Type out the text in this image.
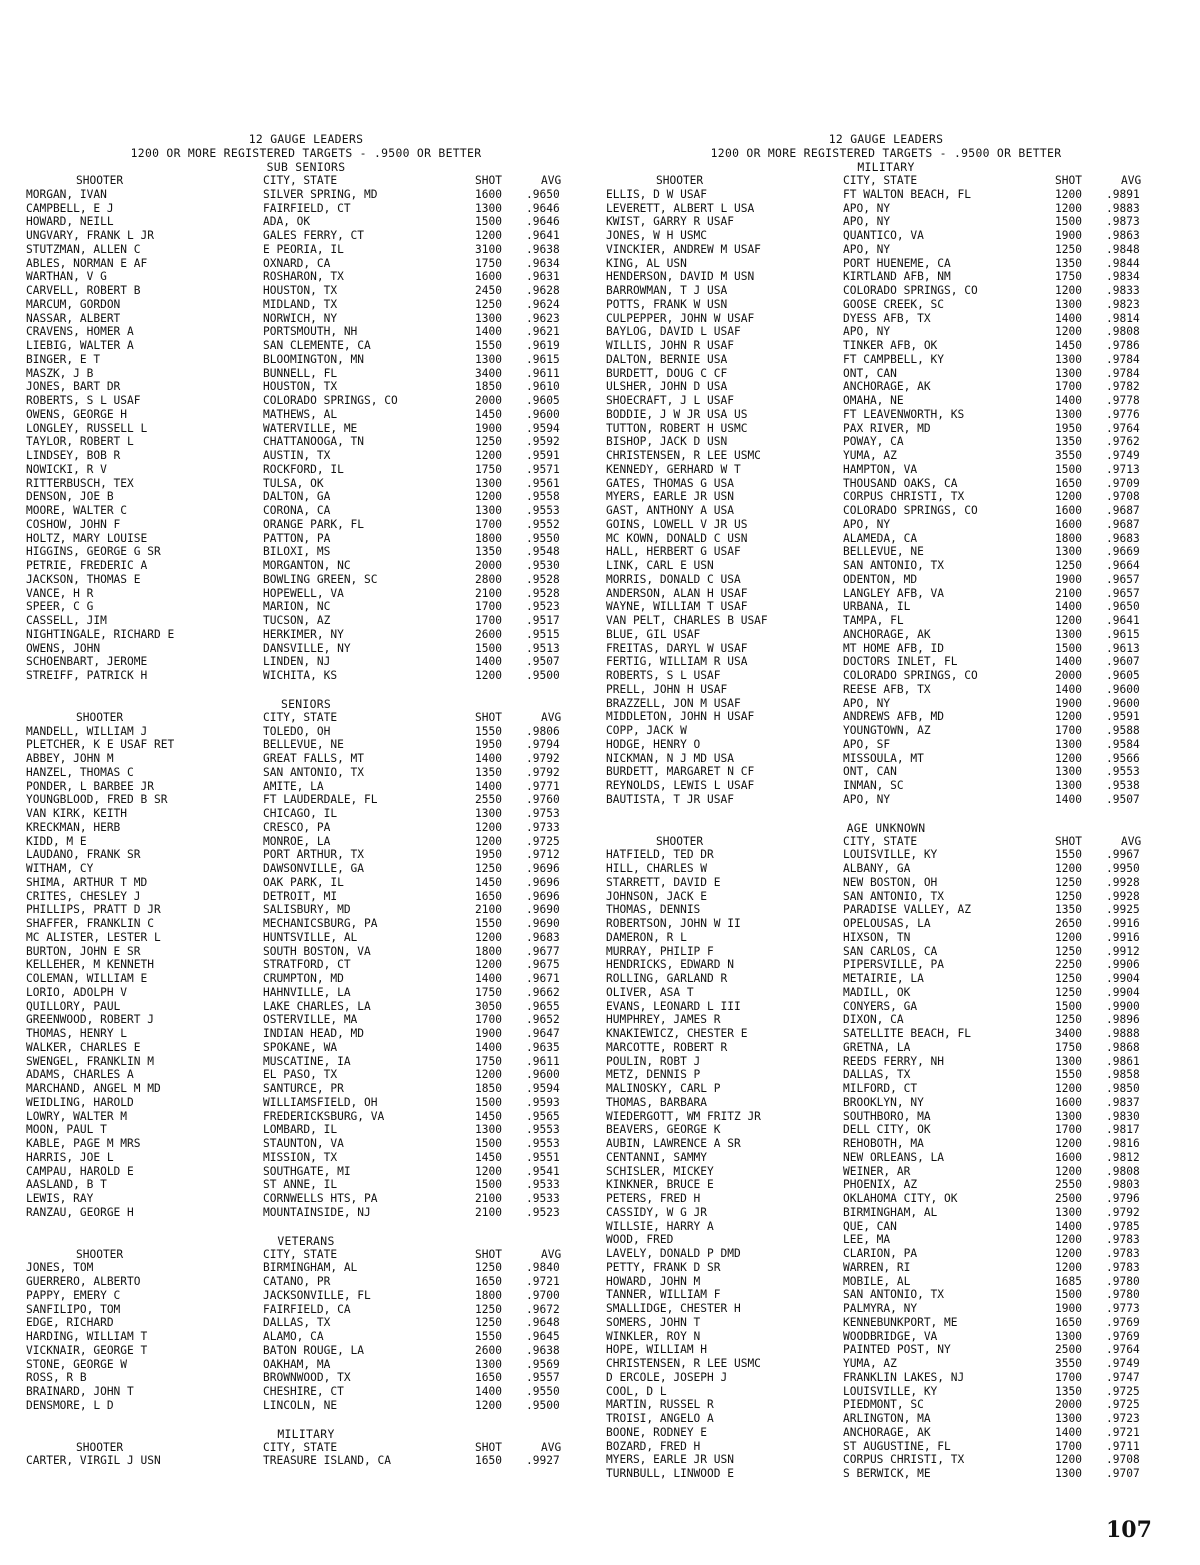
12 GAUGE LEADERS
1200 OR MORE REGISTERED TARGETS - .9500 OR BETTER
SUB SENIORS
SHOOTER	CITY, STATE	SHOT	AVG
MORGAN, IVAN	SILVER SPRING, MD	1600 .9650
CAMPBELL, E J	FAIRFIELD, CT	1300 .9646
HOWARD, NEILL	ADA, OK	1500 .9646
UNGVARY, FRANK L JR	GALES FERRY, CT	1200 .9641
STUTZMAN, ALLEN C	E PEORIA, IL	3100 .9638
ABLES, NORMAN E AF	OXNARD, CA	1750 .9634
WARTHAN, V G	ROSHARON, TX	1600 .9631
CARVELL, ROBERT B	HOUSTON, TX	2450 .9628
MARCUM, GORDON	MIDLAND, TX	1250 .9624
NASSAR, ALBERT	NORWICH, NY	1300 .9623
CRAVENS, HOMER A	PORTSMOUTH, NH	1400 .9621
LIEBIG, WALTER A	SAN CLEMENTE, CA	1550 .9619
BINGER, E T	BLOOMINGTON, MN	1300 .9615
MASZK, J B	BUNNELL, FL	3400 .9611
JONES, BART DR	HOUSTON, TX	1850 .9610
ROBERTS, S L USAF	COLORADO SPRINGS, CO	2000 .9605
OWENS, GEORGE H	MATHEWS, AL	1450 .9600
LONGLEY, RUSSELL L	WATERVILLE, ME	1900 .9594
TAYLOR, ROBERT L	CHATTANOOGA, TN	1250 .9592
LINDSEY, BOB R	AUSTIN, TX	1200 .9591
NOWICKI, R V	ROCKFORD, IL	1750 .9571
RITTERBUSCH, TEX	TULSA, OK	1300 .9561
DENSON, JOE B	DALTON, GA	1200 .9558
MOORE, WALTER C	CORONA, CA	1300 .9553
COSHOW, JOHN F	ORANGE PARK, FL	1700 .9552
HOLTZ, MARY LOUISE	PATTON, PA	1800 .9550
HIGGINS, GEORGE G SR	BILOXI, MS	1350 .9548
PETRIE, FREDERIC A	MORGANTON, NC	2000 .9530
JACKSON, THOMAS E	BOWLING GREEN, SC	2800 .9528
VANCE, H R	HOPEWELL, VA	2100 .9528
SPEER, C G	MARION, NC	1700 .9523
CASSELL, JIM	TUCSON, AZ	1700 .9517
NIGHTINGALE, RICHARD E	HERKIMER, NY	2600 .9515
OWENS, JOHN	DANSVILLE, NY	1500 .9513
SCHOENBART, JEROME	LINDEN, NJ	1400 .9507
STREIFF, PATRICK H	WICHITA, KS	1200 .9500
SENIORS
SHOOTER	CITY, STATE	SHOT	AVG
MANDELL, WILLIAM J	TOLEDO, OH	1550 .9806
PLETCHER, K E USAF RET	BELLEVUE, NE	1950 .9794
ABBEY, JOHN M	GREAT FALLS, MT	1400 .9792
HANZEL, THOMAS C	SAN ANTONIO, TX	1350 .9792
PONDER, L BARBEE JR	AMITE, LA	1400 .9771
YOUNGBLOOD, FRED B SR	FT LAUDERDALE, FL	2550 .9760
VAN KIRK, KEITH	CHICAGO, IL	1300 .9753
KRECKMAN, HERB	CRESCO, PA	1200 .9733
KIDD, M E	MONROE, LA	1200 .9725
LAUDANO, FRANK SR	PORT ARTHUR, TX	1950 .9712
WITHAM, CY	DAWSONVILLE, GA	1250 .9696
SHIMA, ARTHUR T MD	OAK PARK, IL	1450 .9696
CRITES, CHESLEY J	DETROIT, MI	1650 .9696
PHILLIPS, PRATT D JR	SALISBURY, MD	2100 .9690
SHAFFER, FRANKLIN C	MECHANICSBURG, PA	1550 .9690
MC ALISTER, LESTER L	HUNTSVILLE, AL	1200 .9683
BURTON, JOHN E SR	SOUTH BOSTON, VA	1800 .9677
KELLEHER, M KENNETH	STRATFORD, CT	1200 .9675
COLEMAN, WILLIAM E	CRUMPTON, MD	1400 .9671
LORIO, ADOLPH V	HAHNVILLE, LA	1750 .9662
QUILLORY, PAUL	LAKE CHARLES, LA	3050 .9655
GREENWOOD, ROBERT J	OSTERVILLE, MA	1700 .9652
THOMAS, HENRY L	INDIAN HEAD, MD	1900 .9647
WALKER, CHARLES E	SPOKANE, WA	1400 .9635
SWENGEL, FRANKLIN M	MUSCATINE, IA	1750 .9611
ADAMS, CHARLES A	EL PASO, TX	1200 .9600
MARCHAND, ANGEL M MD	SANTURCE, PR	1850 .9594
WEIDLING, HAROLD	WILLIAMSFIELD, OH	1500 .9593
LOWRY, WALTER M	FREDERICKSBURG, VA	1450 .9565
MOON, PAUL T	LOMBARD, IL	1300 .9553
KABLE, PAGE M MRS	STAUNTON, VA	1500 .9553
HARRIS, JOE L	MISSION, TX	1450 .9551
CAMPAU, HAROLD E	SOUTHGATE, MI	1200 .9541
AASLAND, B T	ST ANNE, IL	1500 .9533
LEWIS, RAY	CORNWELLS HTS, PA	2100 .9533
RANZAU, GEORGE H	MOUNTAINSIDE, NJ	2100 .9523
VETERANS
SHOOTER	CITY, STATE	SHOT	AVG
JONES, TOM	BIRMINGHAM, AL	1250 .9840
GUERRERO, ALBERTO	CATANO, PR	1650 .9721
PAPPY, EMERY C	JACKSONVILLE, FL	1800 .9700
SANFILIPO, TOM	FAIRFIELD, CA	1250 .9672
EDGE, RICHARD	DALLAS, TX	1250 .9648
HARDING, WILLIAM T	ALAMO, CA	1550 .9645
VICKNAIR, GEORGE T	BATON ROUGE, LA	2600 .9638
STONE, GEORGE W	OAKHAM, MA	1300 .9569
ROSS, R B	BROWNWOOD, TX	1650 .9557
BRAINARD, JOHN T	CHESHIRE, CT	1400 .9550
DENSMORE, L D	LINCOLN, NE	1200 .9500
MILITARY
SHOOTER	CITY, STATE	SHOT	AVG
CARTER, VIRGIL J USN	TREASURE ISLAND, CA	1650 .9927
12 GAUGE LEADERS
1200 OR MORE REGISTERED TARGETS - .9500 OR BETTER
MILITARY
SHOOTER	CITY, STATE	SHOT	AVG
ELLIS, D W USAF	FT WALTON BEACH, FL	1200 .9891
LEVERETT, ALBERT L USA	APO, NY	1200 .9883
KWIST, GARRY R USAF	APO, NY	1500 .9873
JONES, W H USMC	QUANTICO, VA	1900 .9863
VINCKIER, ANDREW M USAF	APO, NY	1250 .9848
KING, AL USN	PORT HUENEME, CA	1350 .9844
HENDERSON, DAVID M USN	KIRTLAND AFB, NM	1750 .9834
BARROWMAN, T J USA	COLORADO SPRINGS, CO	1200 .9833
POTTS, FRANK W USN	GOOSE CREEK, SC	1300 .9823
CULPEPPER, JOHN W USAF	DYESS AFB, TX	1400 .9814
BAYLOG, DAVID L USAF	APO, NY	1200 .9808
WILLIS, JOHN R USAF	TINKER AFB, OK	1450 .9786
DALTON, BERNIE USA	FT CAMPBELL, KY	1300 .9784
BURDETT, DOUG C CF	ONT, CAN	1300 .9784
ULSHER, JOHN D USA	ANCHORAGE, AK	1700 .9782
SHOECRAFT, J L USAF	OMAHA, NE	1400 .9778
BODDIE, J W JR USA US	FT LEAVENWORTH, KS	1300 .9776
TUTTON, ROBERT H USMC	PAX RIVER, MD	1950 .9764
BISHOP, JACK D USN	POWAY, CA	1350 .9762
CHRISTENSEN, R LEE USMC	YUMA, AZ	3550 .9749
KENNEDY, GERHARD W T	HAMPTON, VA	1500 .9713
GATES, THOMAS G USA	THOUSAND OAKS, CA	1650 .9709
MYERS, EARLE JR USN	CORPUS CHRISTI, TX	1200 .9708
GAST, ANTHONY A USA	COLORADO SPRINGS, CO	1600 .9687
GOINS, LOWELL V JR US	APO, NY	1600 .9687
MC KOWN, DONALD C USN	ALAMEDA, CA	1800 .9683
HALL, HERBERT G USAF	BELLEVUE, NE	1300 .9669
LINK, CARL E USN	SAN ANTONIO, TX	1250 .9664
MORRIS, DONALD C USA	ODENTON, MD	1900 .9657
ANDERSON, ALAN H USAF	LANGLEY AFB, VA	2100 .9657
WAYNE, WILLIAM T USAF	URBANA, IL	1400 .9650
VAN PELT, CHARLES B USAF	TAMPA, FL	1200 .9641
BLUE, GIL USAF	ANCHORAGE, AK	1300 .9615
FREITAS, DARYL W USAF	MT HOME AFB, ID	1500 .9613
FERTIG, WILLIAM R USA	DOCTORS INLET, FL	1400 .9607
ROBERTS, S L USAF	COLORADO SPRINGS, CO	2000 .9605
PRELL, JOHN H USAF	REESE AFB, TX	1400 .9600
BRAZZELL, JON M USAF	APO, NY	1900 .9600
MIDDLETON, JOHN H USAF	ANDREWS AFB, MD	1200 .9591
COPP, JACK W	YOUNGTOWN, AZ	1700 .9588
HODGE, HENRY O	APO, SF	1300 .9584
NICKMAN, N J MD USA	MISSOULA, MT	1200 .9566
BURDETT, MARGARET N CF	ONT, CAN	1300 .9553
REYNOLDS, LEWIS L USAF	INMAN, SC	1300 .9538
BAUTISTA, T JR USAF	APO, NY	1400 .9507
AGE UNKNOWN
SHOOTER	CITY, STATE	SHOT	AVG
HATFIELD, TED DR	LOUISVILLE, KY	1550 .9967
HILL, CHARLES W	ALBANY, GA	1200 .9950
STARRETT, DAVID E	NEW BOSTON, OH	1250 .9928
JOHNSON, JACK E	SAN ANTONIO, TX	1250 .9928
THOMAS, DENNIS	PARADISE VALLEY, AZ	1350 .9925
ROBERTSON, JOHN W II	OPELOUSAS, LA	2650 .9916
DAMERON, R L	HIXSON, TN	1200 .9916
MURRAY, PHILIP F	SAN CARLOS, CA	1250 .9912
HENDRICKS, EDWARD N	PIPERSVILLE, PA	2250 .9906
ROLLING, GARLAND R	METAIRIE, LA	1250 .9904
OLIVER, ASA T	MADILL, OK	1250 .9904
EVANS, LEONARD L III	CONYERS, GA	1500 .9900
HUMPHREY, JAMES R	DIXON, CA	1250 .9896
KNAKIEWICZ, CHESTER E	SATELLITE BEACH, FL	3400 .9888
MARCOTTE, ROBERT R	GRETNA, LA	1750 .9868
POULIN, ROBT J	REEDS FERRY, NH	1300 .9861
METZ, DENNIS P	DALLAS, TX	1550 .9858
MALINOSKY, CARL P	MILFORD, CT	1200 .9850
THOMAS, BARBARA	BROOKLYN, NY	1600 .9837
WIEDERGOTT, WM FRITZ JR	SOUTHBORO, MA	1300 .9830
BEAVERS, GEORGE K	DELL CITY, OK	1700 .9817
AUBIN, LAWRENCE A SR	REHOBOTH, MA	1200 .9816
CENTANNI, SAMMY	NEW ORLEANS, LA	1600 .9812
SCHISLER, MICKEY	WEINER, AR	1200 .9808
KINKNER, BRUCE E	PHOENIX, AZ	2550 .9803
PETERS, FRED H	OKLAHOMA CITY, OK	2500 .9796
CASSIDY, W G JR	BIRMINGHAM, AL	1300 .9792
WILLSIE, HARRY A	QUE, CAN	1400 .9785
WOOD, FRED	LEE, MA	1200 .9783
LAVELY, DONALD P DMD	CLARION, PA	1200 .9783
PETTY, FRANK D SR	WARREN, RI	1200 .9783
HOWARD, JOHN M	MOBILE, AL	1685 .9780
TANNER, WILLIAM F	SAN ANTONIO, TX	1500 .9780
SMALLIDGE, CHESTER H	PALMYRA, NY	1900 .9773
SOMERS, JOHN T	KENNEBUNKPORT, ME	1650 .9769
WINKLER, ROY N	WOODBRIDGE, VA	1300 .9769
HOPE, WILLIAM H	PAINTED POST, NY	2500 .9764
CHRISTENSEN, R LEE USMC	YUMA, AZ	3550 .9749
D ERCOLE, JOSEPH J	FRANKLIN LAKES, NJ	1700 .9747
COOL, D L	LOUISVILLE, KY	1350 .9725
MARTIN, RUSSEL R	PIEDMONT, SC	2000 .9725
TROISI, ANGELO A	ARLINGTON, MA	1300 .9723
BOONE, RODNEY E	ANCHORAGE, AK	1400 .9721
BOZARD, FRED H	ST AUGUSTINE, FL	1700 .9711
MYERS, EARLE JR USN	CORPUS CHRISTI, TX	1200 .9708
TURNBULL, LINWOOD E	S BERWICK, ME	1300 .9707
107
